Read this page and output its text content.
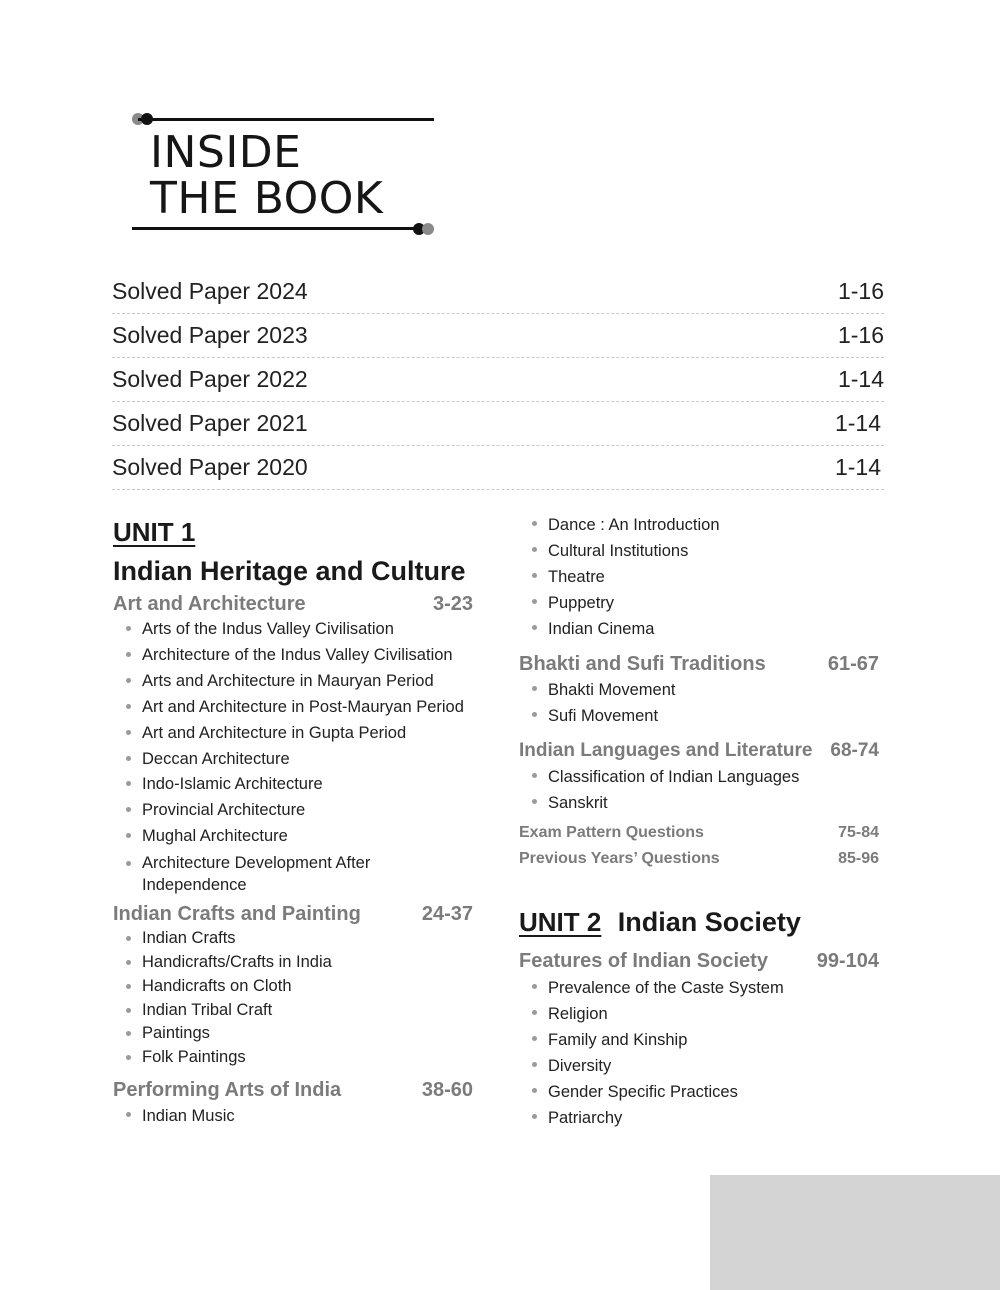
INSIDE
THE BOOK
Solved Paper 2024	1-16
Solved Paper 2023	1-16
Solved Paper 2022	1-14
Solved Paper 2021	1-14
Solved Paper 2020	1-14
UNIT 1
Indian Heritage and Culture
Art and Architecture	3-23
Arts of the Indus Valley Civilisation
Architecture of the Indus Valley Civilisation
Arts and Architecture in Mauryan Period
Art and Architecture in Post-Mauryan Period
Art and Architecture in Gupta Period
Deccan Architecture
Indo-Islamic Architecture
Provincial Architecture
Mughal Architecture
Architecture Development After Independence
Indian Crafts and Painting	24-37
Indian Crafts
Handicrafts/Crafts in India
Handicrafts on Cloth
Indian Tribal Craft
Paintings
Folk Paintings
Performing Arts of India	38-60
Indian Music
Dance : An Introduction
Cultural Institutions
Theatre
Puppetry
Indian Cinema
Bhakti and Sufi Traditions	61-67
Bhakti Movement
Sufi Movement
Indian Languages and Literature 68-74
Classification of Indian Languages
Sanskrit
Exam Pattern Questions	75-84
Previous Years’ Questions	85-96
UNIT 2 Indian Society
Features of Indian Society 99-104
Prevalence of the Caste System
Religion
Family and Kinship
Diversity
Gender Specific Practices
Patriarchy
